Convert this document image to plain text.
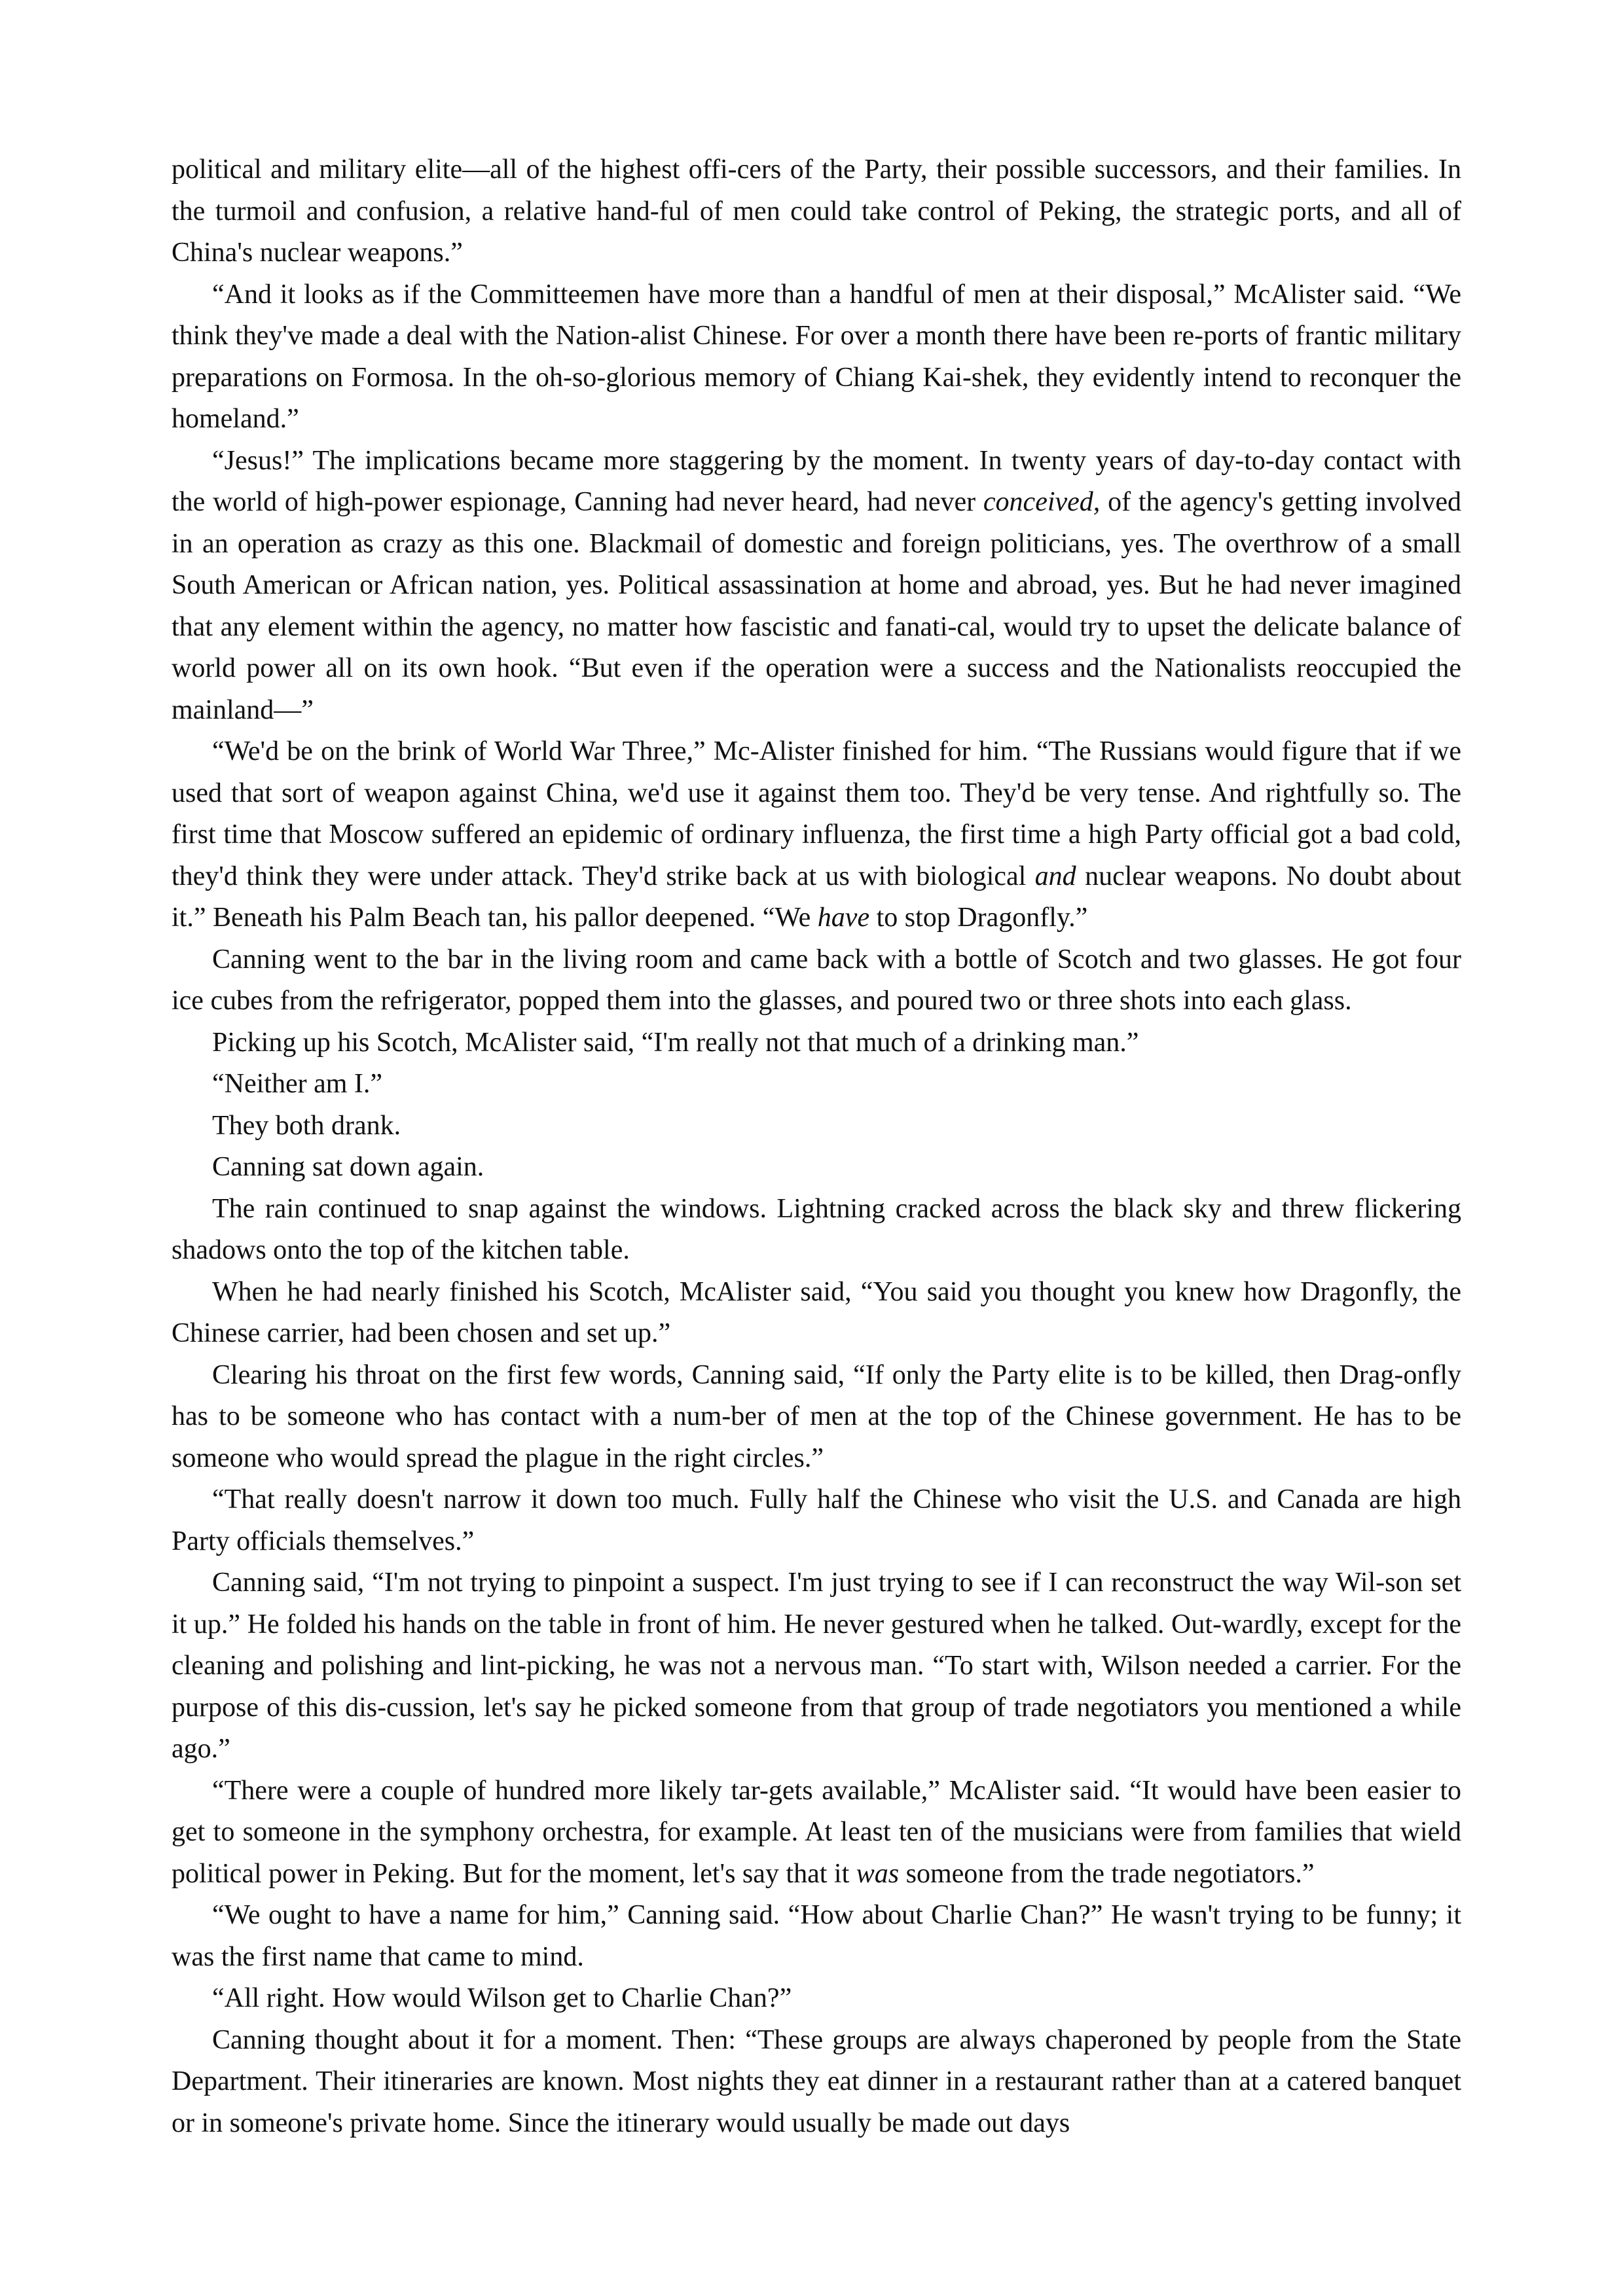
political and military elite—all of the highest offi-cers of the Party, their possible successors, and their families. In the turmoil and confusion, a relative hand-ful of men could take control of Peking, the strategic ports, and all of China's nuclear weapons.”

“And it looks as if the Committeemen have more than a handful of men at their disposal,” McAlister said. “We think they've made a deal with the Nation-alist Chinese. For over a month there have been re-ports of frantic military preparations on Formosa. In the oh-so-glorious memory of Chiang Kai-shek, they evidently intend to reconquer the homeland.”

“Jesus!” The implications became more staggering by the moment. In twenty years of day-to-day contact with the world of high-power espionage, Canning had never heard, had never conceived, of the agency's getting involved in an operation as crazy as this one. Blackmail of domestic and foreign politicians, yes. The overthrow of a small South American or African nation, yes. Political assassination at home and abroad, yes. But he had never imagined that any element within the agency, no matter how fascistic and fanati-cal, would try to upset the delicate balance of world power all on its own hook. “But even if the operation were a success and the Nationalists reoccupied the mainland—”

“We'd be on the brink of World War Three,” Mc-Alister finished for him. “The Russians would figure that if we used that sort of weapon against China, we'd use it against them too. They'd be very tense. And rightfully so. The first time that Moscow suffered an epidemic of ordinary influenza, the first time a high Party official got a bad cold, they'd think they were under attack. They'd strike back at us with biological and nuclear weapons. No doubt about it.” Beneath his Palm Beach tan, his pallor deepened. “We have to stop Dragonfly.”

Canning went to the bar in the living room and came back with a bottle of Scotch and two glasses. He got four ice cubes from the refrigerator, popped them into the glasses, and poured two or three shots into each glass.

Picking up his Scotch, McAlister said, “I'm really not that much of a drinking man.”

“Neither am I.”

They both drank.

Canning sat down again.

The rain continued to snap against the windows. Lightning cracked across the black sky and threw flickering shadows onto the top of the kitchen table.

When he had nearly finished his Scotch, McAlister said, “You said you thought you knew how Dragonfly, the Chinese carrier, had been chosen and set up.”

Clearing his throat on the first few words, Canning said, “If only the Party elite is to be killed, then Drag-onfly has to be someone who has contact with a num-ber of men at the top of the Chinese government. He has to be someone who would spread the plague in the right circles.”

“That really doesn't narrow it down too much. Fully half the Chinese who visit the U.S. and Canada are high Party officials themselves.”

Canning said, “I'm not trying to pinpoint a suspect. I'm just trying to see if I can reconstruct the way Wil-son set it up.” He folded his hands on the table in front of him. He never gestured when he talked. Out-wardly, except for the cleaning and polishing and lint-picking, he was not a nervous man. “To start with, Wilson needed a carrier. For the purpose of this dis-cussion, let's say he picked someone from that group of trade negotiators you mentioned a while ago.”

“There were a couple of hundred more likely tar-gets available,” McAlister said. “It would have been easier to get to someone in the symphony orchestra, for example. At least ten of the musicians were from families that wield political power in Peking. But for the moment, let's say that it was someone from the trade negotiators.”

“We ought to have a name for him,” Canning said. “How about Charlie Chan?” He wasn't trying to be funny; it was the first name that came to mind.

“All right. How would Wilson get to Charlie Chan?”

Canning thought about it for a moment. Then: “These groups are always chaperoned by people from the State Department. Their itineraries are known. Most nights they eat dinner in a restaurant rather than at a catered banquet or in someone's private home. Since the itinerary would usually be made out days
